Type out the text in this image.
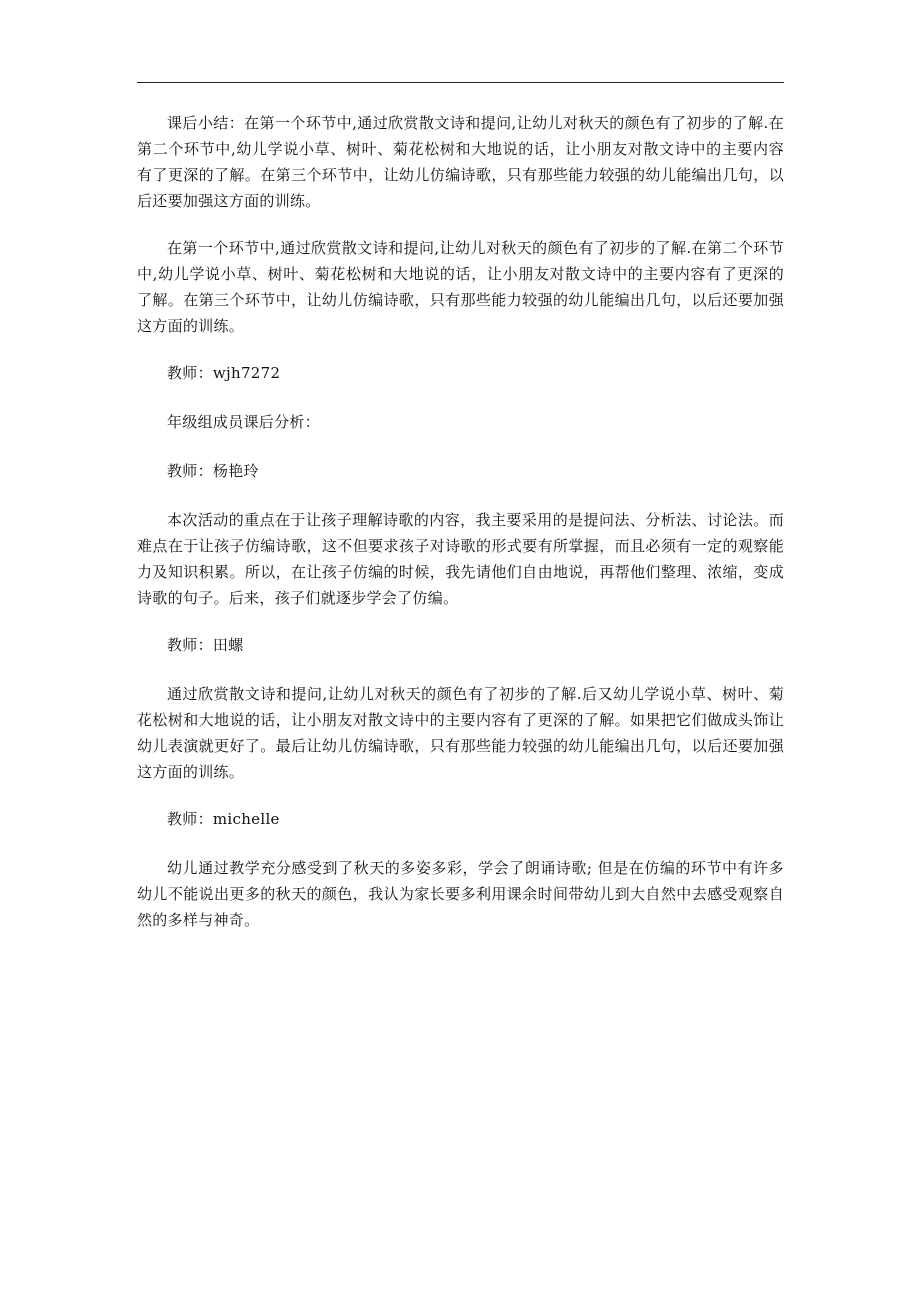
课后小结：在第一个环节中,通过欣赏散文诗和提问,让幼儿对秋天的颜色有了初步的了解.在第二个环节中,幼儿学说小草、树叶、菊花松树和大地说的话，让小朋友对散文诗中的主要内容有了更深的了解。在第三个环节中，让幼儿仿编诗歌，只有那些能力较强的幼儿能编出几句，以后还要加强这方面的训练。

在第一个环节中,通过欣赏散文诗和提问,让幼儿对秋天的颜色有了初步的了解.在第二个环节中,幼儿学说小草、树叶、菊花松树和大地说的话，让小朋友对散文诗中的主要内容有了更深的了解。在第三个环节中，让幼儿仿编诗歌，只有那些能力较强的幼儿能编出几句，以后还要加强这方面的训练。

教师：wjh7272

年级组成员课后分析：

教师：杨艳玲

本次活动的重点在于让孩子理解诗歌的内容，我主要采用的是提问法、分析法、讨论法。而难点在于让孩子仿编诗歌，这不但要求孩子对诗歌的形式要有所掌握，而且必须有一定的观察能力及知识积累。所以，在让孩子仿编的时候，我先请他们自由地说，再帮他们整理、浓缩，变成诗歌的句子。后来，孩子们就逐步学会了仿编。

教师：田螺

通过欣赏散文诗和提问,让幼儿对秋天的颜色有了初步的了解.后又幼儿学说小草、树叶、菊花松树和大地说的话，让小朋友对散文诗中的主要内容有了更深的了解。如果把它们做成头饰让幼儿表演就更好了。最后让幼儿仿编诗歌，只有那些能力较强的幼儿能编出几句，以后还要加强这方面的训练。

教师：michelle

幼儿通过教学充分感受到了秋天的多姿多彩，学会了朗诵诗歌; 但是在仿编的环节中有许多幼儿不能说出更多的秋天的颜色，我认为家长要多利用课余时间带幼儿到大自然中去感受观察自然的多样与神奇。
